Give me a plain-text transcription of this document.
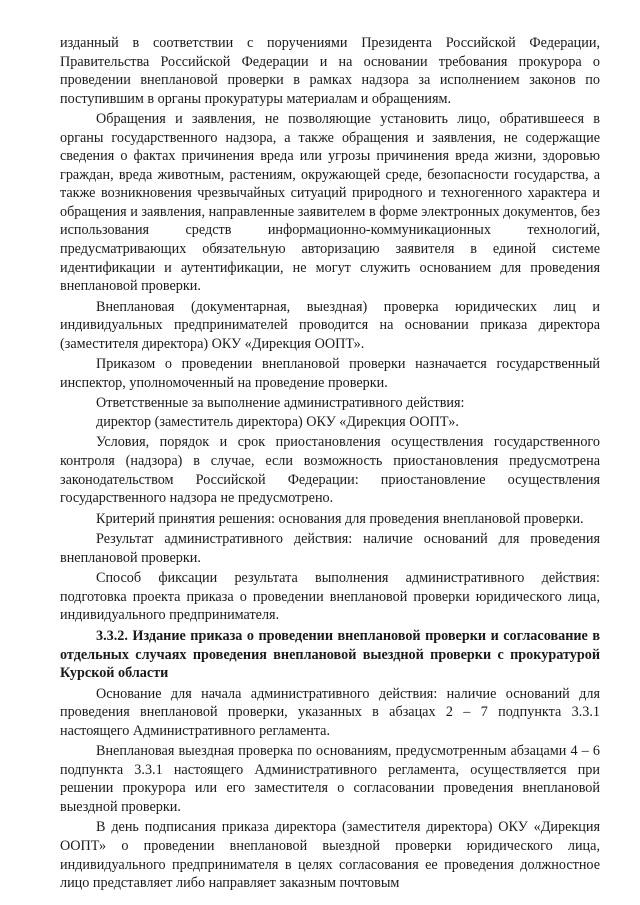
изданный в соответствии с поручениями Президента Российской Федерации, Правительства Российской Федерации и на основании требования прокурора о проведении внеплановой проверки в рамках надзора за исполнением законов по поступившим в органы прокуратуры материалам и обращениям.

Обращения и заявления, не позволяющие установить лицо, обратившееся в органы государственного надзора, а также обращения и заявления, не содержащие сведения о фактах причинения вреда или угрозы причинения вреда жизни, здоровью граждан, вреда животным, растениям, окружающей среде, безопасности государства, а также возникновения чрезвычайных ситуаций природного и техногенного характера и обращения и заявления, направленные заявителем в форме электронных документов, без использования средств информационно-коммуникационных технологий, предусматривающих обязательную авторизацию заявителя в единой системе идентификации и аутентификации, не могут служить основанием для проведения внеплановой проверки.

Внеплановая (документарная, выездная) проверка юридических лиц и индивидуальных предпринимателей проводится на основании приказа директора (заместителя директора) ОКУ «Дирекция ООПТ».

Приказом о проведении внеплановой проверки назначается государственный инспектор, уполномоченный на проведение проверки.

Ответственные за выполнение административного действия:

директор (заместитель директора) ОКУ «Дирекция ООПТ».

Условия, порядок и срок приостановления осуществления государственного контроля (надзора) в случае, если возможность приостановления предусмотрена законодательством Российской Федерации: приостановление осуществления государственного надзора не предусмотрено.

Критерий принятия решения: основания для проведения внеплановой проверки.

Результат административного действия: наличие оснований для проведения внеплановой проверки.

Способ фиксации результата выполнения административного действия: подготовка проекта приказа о проведении внеплановой проверки юридического лица, индивидуального предпринимателя.

3.3.2. Издание приказа о проведении внеплановой проверки и согласование в отдельных случаях проведения внеплановой выездной проверки с прокуратурой Курской области

Основание для начала административного действия: наличие оснований для проведения внеплановой проверки, указанных в абзацах 2 – 7 подпункта 3.3.1 настоящего Административного регламента.

Внеплановая выездная проверка по основаниям, предусмотренным абзацами 4 – 6 подпункта 3.3.1 настоящего Административного регламента, осуществляется при решении прокурора или его заместителя о согласовании проведения внеплановой выездной проверки.

В день подписания приказа директора (заместителя директора) ОКУ «Дирекция ООПТ» о проведении внеплановой выездной проверки юридического лица, индивидуального предпринимателя в целях согласования ее проведения должностное лицо представляет либо направляет заказным почтовым
